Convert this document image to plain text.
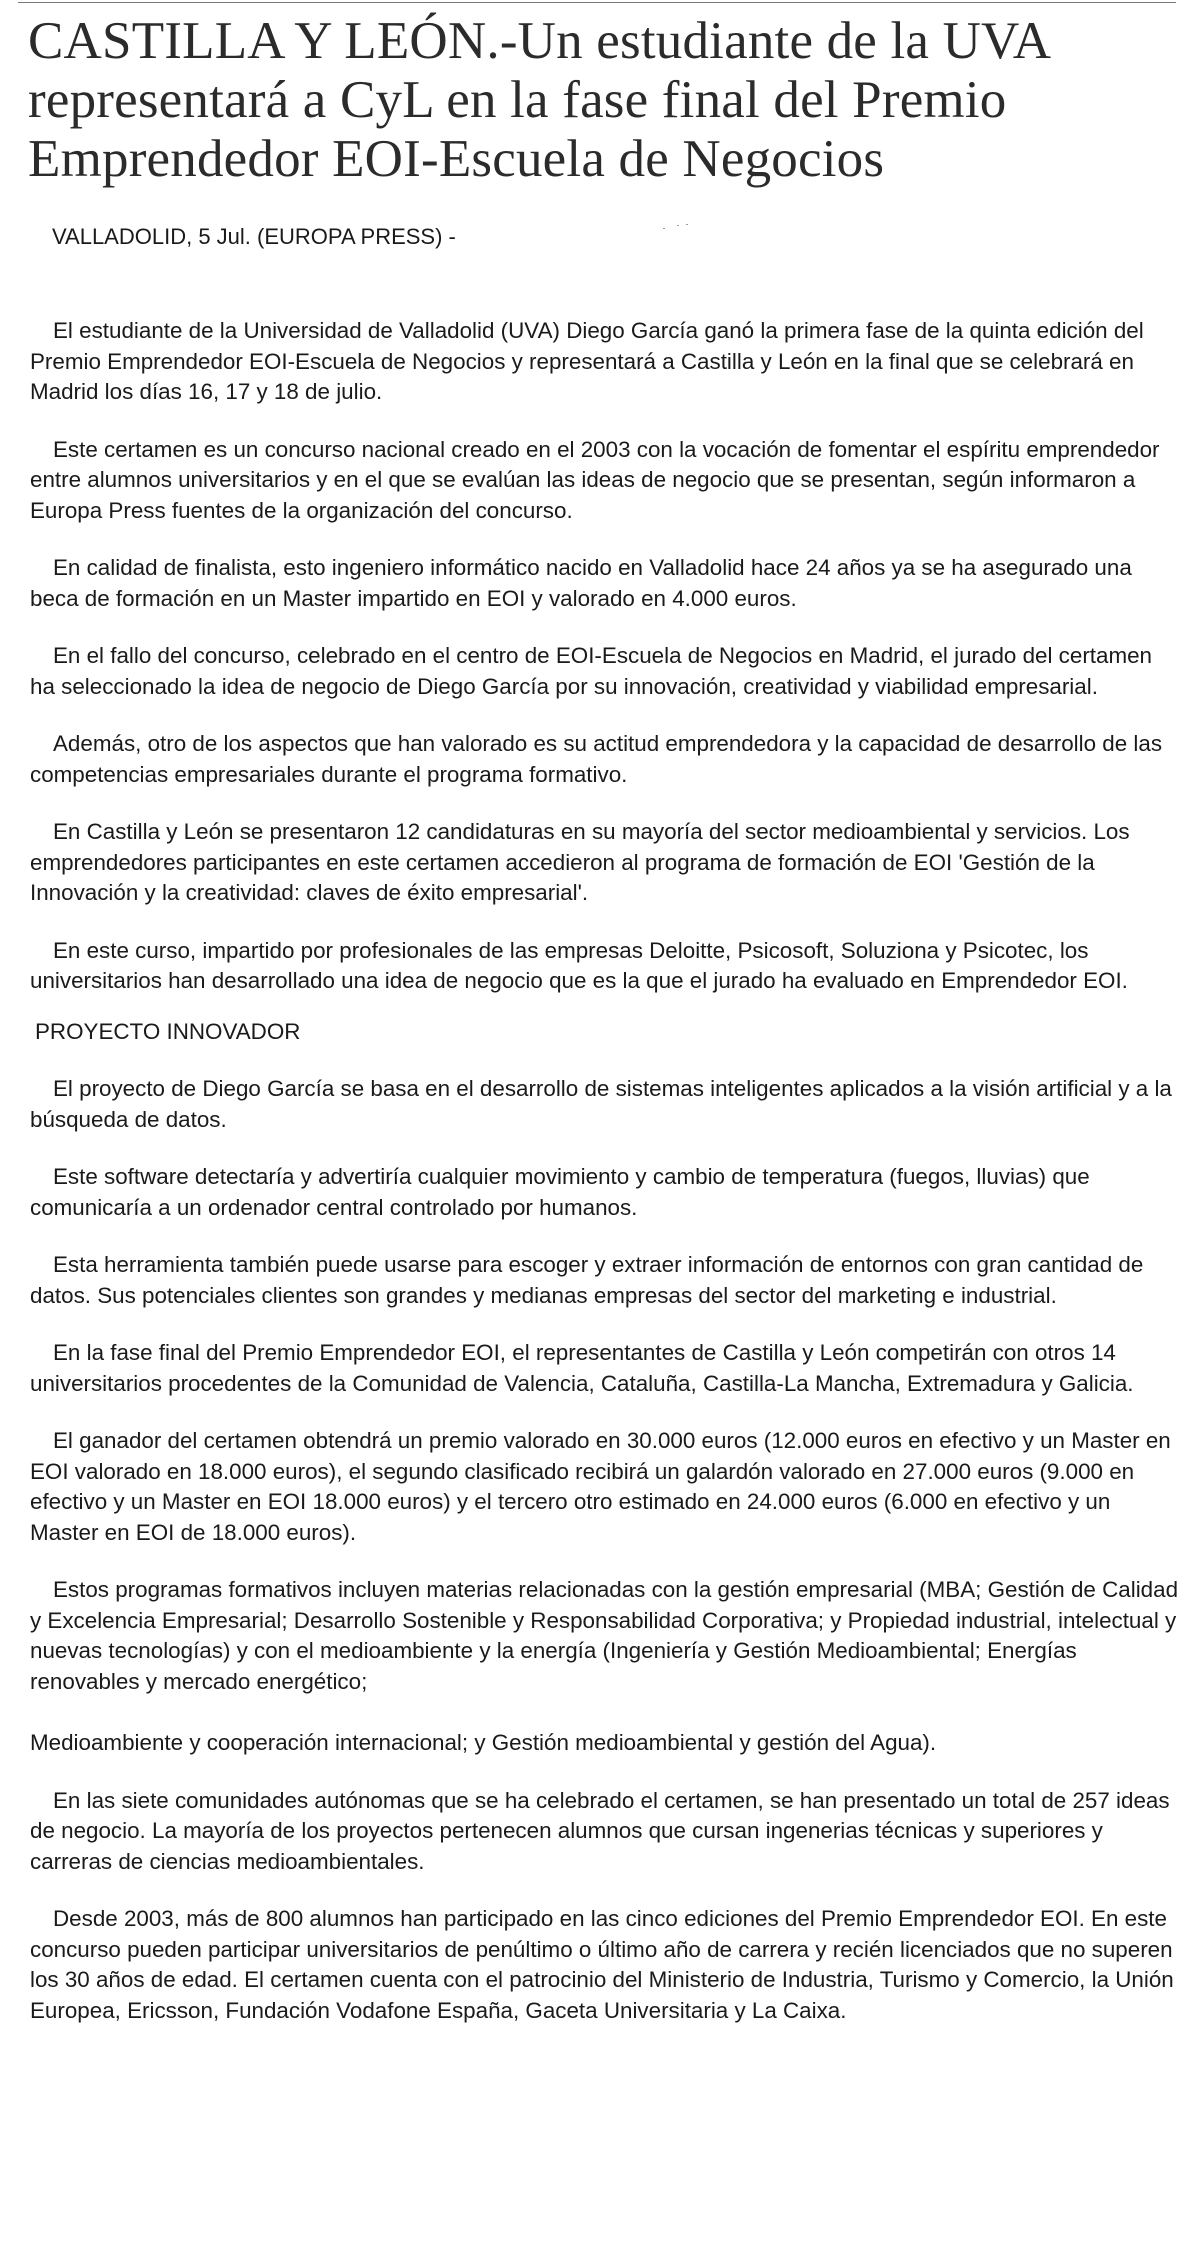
CASTILLA Y LEÓN.-Un estudiante de la UVA representará a CyL en la fase final del Premio Emprendedor EOI-Escuela de Negocios

VALLADOLID, 5 Jul. (EUROPA PRESS) -

El estudiante de la Universidad de Valladolid (UVA) Diego García ganó la primera fase de la quinta edición del Premio Emprendedor EOI-Escuela de Negocios y representará a Castilla y León en la final que se celebrará en Madrid los días 16, 17 y 18 de julio.

Este certamen es un concurso nacional creado en el 2003 con la vocación de fomentar el espíritu emprendedor entre alumnos universitarios y en el que se evalúan las ideas de negocio que se presentan, según informaron a Europa Press fuentes de la organización del concurso.

En calidad de finalista, esto ingeniero informático nacido en Valladolid hace 24 años ya se ha asegurado una beca de formación en un Master impartido en EOI y valorado en 4.000 euros.

En el fallo del concurso, celebrado en el centro de EOI-Escuela de Negocios en Madrid, el jurado del certamen ha seleccionado la idea de negocio de Diego García por su innovación, creatividad y viabilidad empresarial.

Además, otro de los aspectos que han valorado es su actitud emprendedora y la capacidad de desarrollo de las competencias empresariales durante el programa formativo.

En Castilla y León se presentaron 12 candidaturas en su mayoría del sector medioambiental y servicios. Los emprendedores participantes en este certamen accedieron al programa de formación de EOI 'Gestión de la Innovación y la creatividad: claves de éxito empresarial'.

En este curso, impartido por profesionales de las empresas Deloitte, Psicosoft, Soluziona y Psicotec, los universitarios han desarrollado una idea de negocio que es la que el jurado ha evaluado en Emprendedor EOI.

PROYECTO INNOVADOR

El proyecto de Diego García se basa en el desarrollo de sistemas inteligentes aplicados a la visión artificial y a la búsqueda de datos.

Este software detectaría y advertiría cualquier movimiento y cambio de temperatura (fuegos, lluvias) que comunicaría a un ordenador central controlado por humanos.

Esta herramienta también puede usarse para escoger y extraer información de entornos con gran cantidad de datos. Sus potenciales clientes son grandes y medianas empresas del sector del marketing e industrial.

En la fase final del Premio Emprendedor EOI, el representantes de Castilla y León competirán con otros 14 universitarios procedentes de la Comunidad de Valencia, Cataluña, Castilla-La Mancha, Extremadura y Galicia.

El ganador del certamen obtendrá un premio valorado en 30.000 euros (12.000 euros en efectivo y un Master en EOI valorado en 18.000 euros), el segundo clasificado recibirá un galardón valorado en 27.000 euros (9.000 en efectivo y un Master en EOI 18.000 euros) y el tercero otro estimado en 24.000 euros (6.000 en efectivo y un Master en EOI de 18.000 euros).

Estos programas formativos incluyen materias relacionadas con la gestión empresarial (MBA; Gestión de Calidad y Excelencia Empresarial; Desarrollo Sostenible y Responsabilidad Corporativa; y Propiedad industrial, intelectual y nuevas tecnologías) y con el medioambiente y la energía (Ingeniería y Gestión Medioambiental; Energías renovables y mercado energético;

Medioambiente y cooperación internacional; y Gestión medioambiental y gestión del Agua).

En las siete comunidades autónomas que se ha celebrado el certamen, se han presentado un total de 257 ideas de negocio. La mayoría de los proyectos pertenecen alumnos que cursan ingenerias técnicas y superiores y carreras de ciencias medioambientales.

Desde 2003, más de 800 alumnos han participado en las cinco ediciones del Premio Emprendedor EOI. En este concurso pueden participar universitarios de penúltimo o último año de carrera y recién licenciados que no superen los 30 años de edad. El certamen cuenta con el patrocinio del Ministerio de Industria, Turismo y Comercio, la Unión Europea, Ericsson, Fundación Vodafone España, Gaceta Universitaria y La Caixa.
